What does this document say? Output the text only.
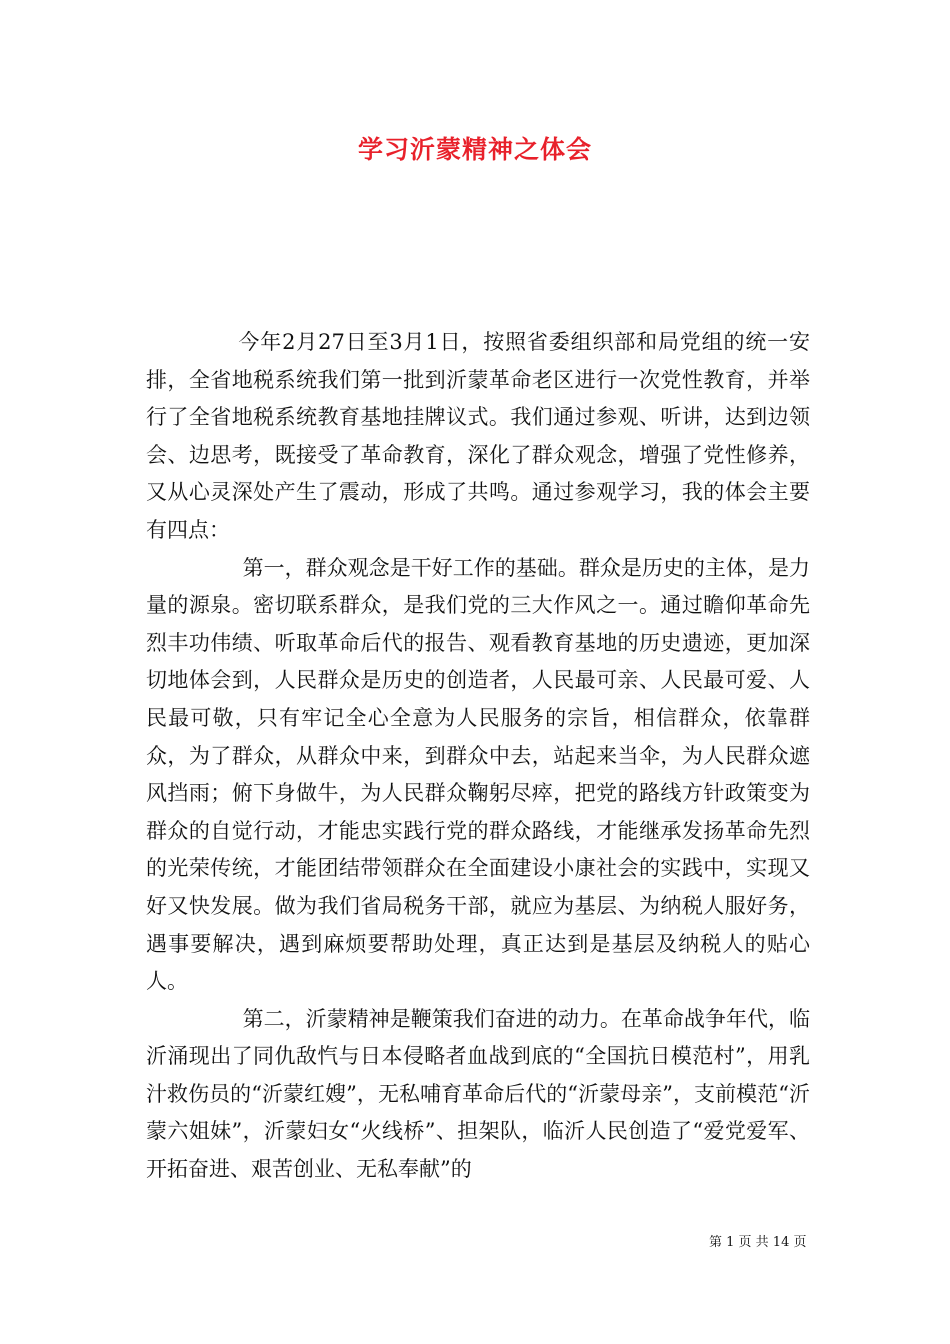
学习沂蒙精神之体会

今年2月27日至3月1日，按照省委组织部和局党组的统一安排，全省地税系统我们第一批到沂蒙革命老区进行一次党性教育，并举行了全省地税系统教育基地挂牌议式。我们通过参观、听讲，达到边领会、边思考，既接受了革命教育，深化了群众观念，增强了党性修养，又从心灵深处产生了震动，形成了共鸣。通过参观学习，我的体会主要有四点：

第一，群众观念是干好工作的基础。群众是历史的主体，是力量的源泉。密切联系群众，是我们党的三大作风之一。通过瞻仰革命先烈丰功伟绩、听取革命后代的报告、观看教育基地的历史遗迹，更加深切地体会到，人民群众是历史的创造者，人民最可亲、人民最可爱、人民最可敬，只有牢记全心全意为人民服务的宗旨，相信群众，依靠群众，为了群众，从群众中来，到群众中去，站起来当伞，为人民群众遮风挡雨；俯下身做牛，为人民群众鞠躬尽瘁，把党的路线方针政策变为群众的自觉行动，才能忠实践行党的群众路线，才能继承发扬革命先烈的光荣传统，才能团结带领群众在全面建设小康社会的实践中，实现又好又快发展。做为我们省局税务干部，就应为基层、为纳税人服好务，遇事要解决，遇到麻烦要帮助处理，真正达到是基层及纳税人的贴心人。

第二，沂蒙精神是鞭策我们奋进的动力。在革命战争年代，临沂涌现出了同仇敌忾与日本侵略者血战到底的“全国抗日模范村”，用乳汁救伤员的“沂蒙红嫂”，无私哺育革命后代的“沂蒙母亲”，支前模范“沂蒙六姐妹”，沂蒙妇女“火线桥”、担架队，临沂人民创造了“爱党爱军、开拓奋进、艰苦创业、无私奉献”的

第 1 页 共 14 页
